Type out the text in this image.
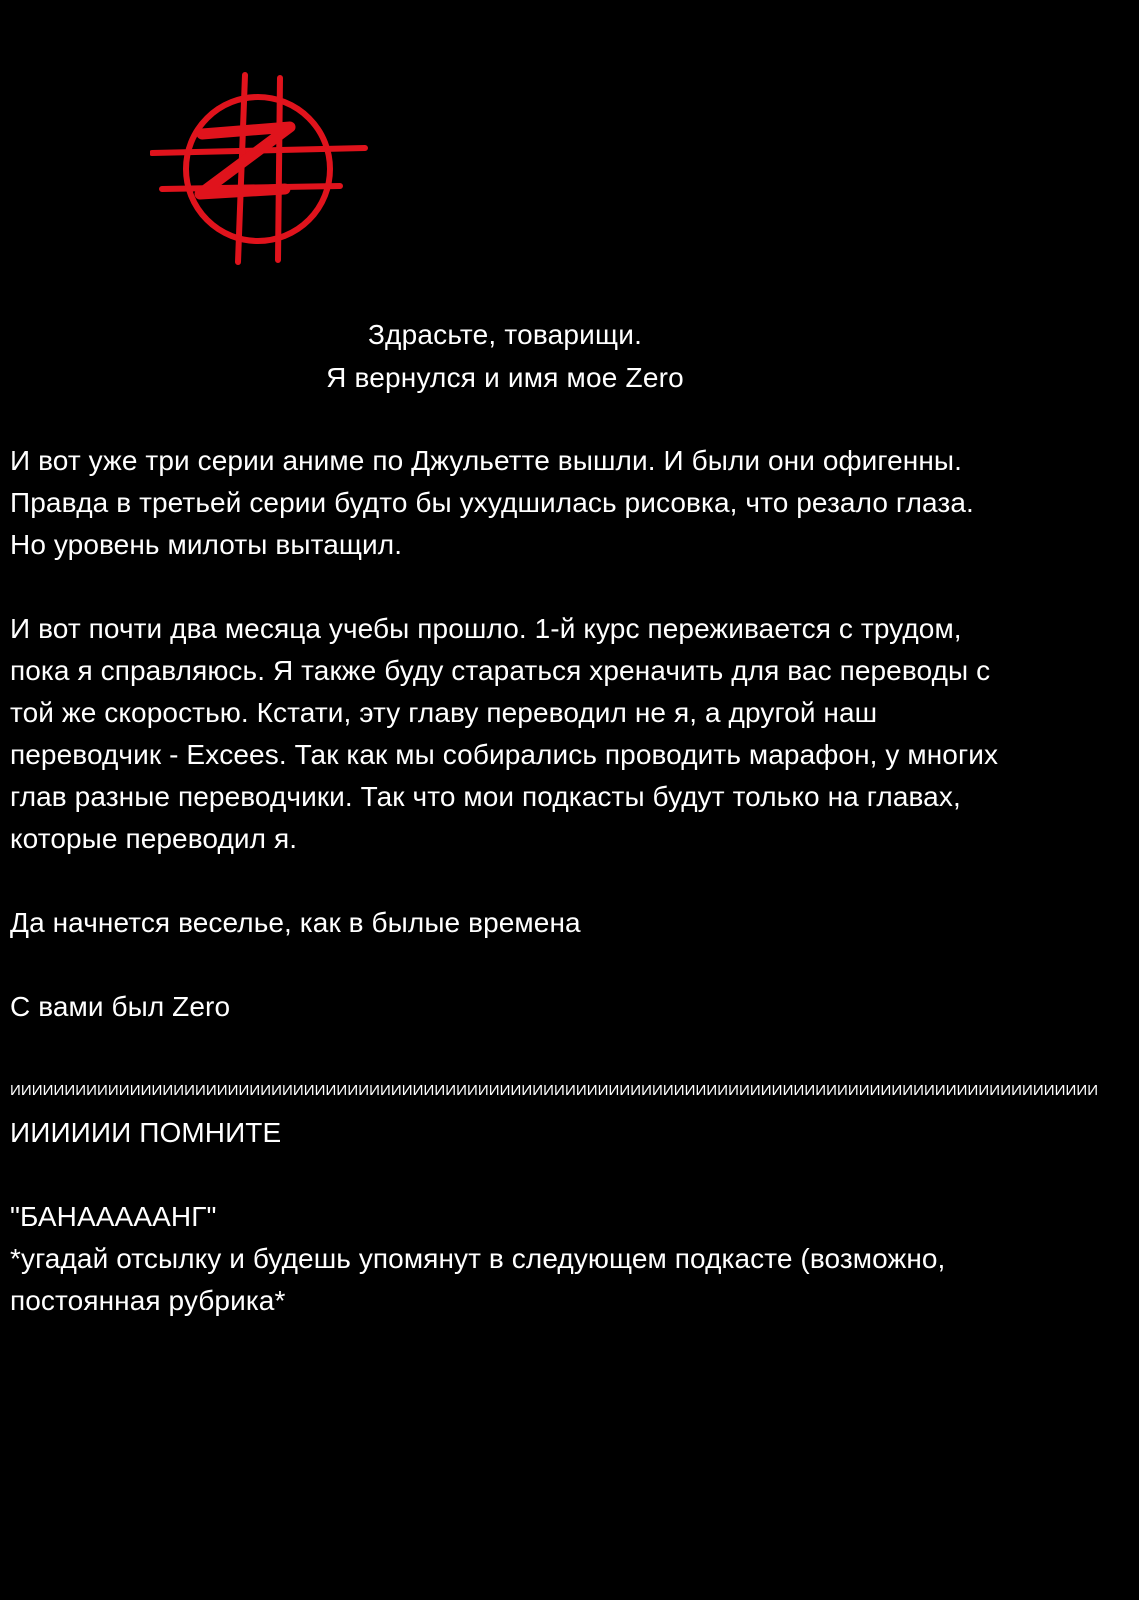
Здрасьте, товарищи.
Я вернулся и имя мое Zero
И вот уже три серии аниме по Джульетте вышли. И были они офигенны.
Правда в третьей серии будто бы ухудшилась рисовка, что резало глаза.
Но уровень милоты вытащил.
И вот почти два месяца учебы прошло. 1-й курс переживается с трудом,
пока я справляюсь. Я также буду стараться хреначить для вас переводы с
той же скоростью. Кстати, эту главу переводил не я, а другой наш
переводчик - Excees. Так как мы собирались проводить марафон, у многих
глав разные переводчики. Так что мои подкасты будут только на главах,
которые переводил я.
Да начнется веселье, как в былые времена
С вами был Zero
ИИИИИИИИИИИИИИИИИИИИИИИИИИИИИИИИИИИИИИИИИИИИИИИИИИИИИИИИИИИИИИИИИИИИИИИИИИИИИИИИИИИИИИИИИИИИИИИИИИИИ
ИИИИИИ ПОМНИТЕ
"БАНАААААНГ"
*угадай отсылку и будешь упомянут в следующем подкасте (возможно,
постоянная рубрика*
